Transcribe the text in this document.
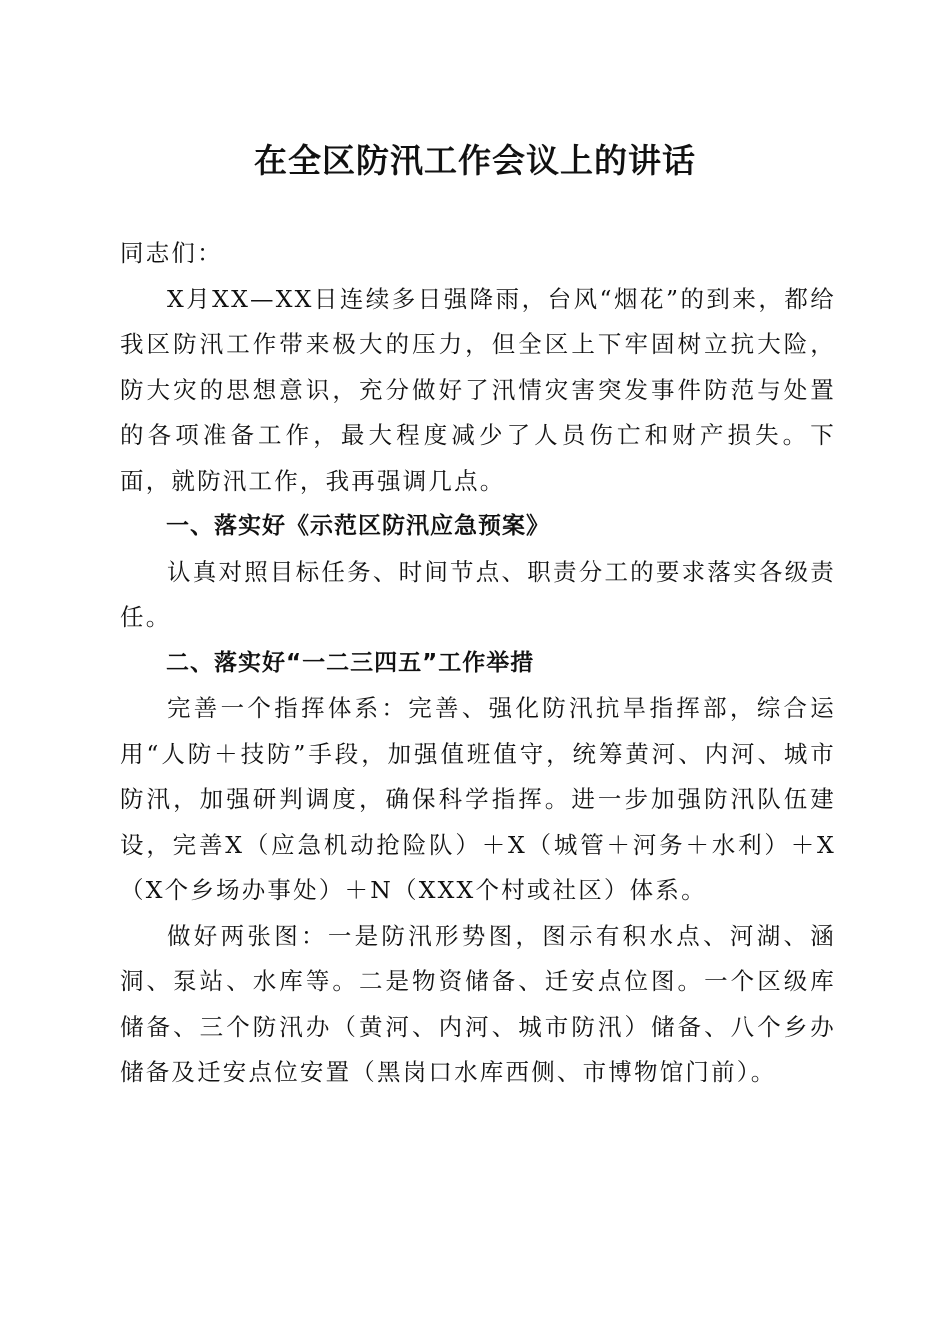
在全区防汛工作会议上的讲话

同志们：

X月XX—XX日连续多日强降雨，台风“烟花”的到来，都给我区防汛工作带来极大的压力，但全区上下牢固树立抗大险，防大灾的思想意识，充分做好了汛情灾害突发事件防范与处置的各项准备工作，最大程度减少了人员伤亡和财产损失。下面，就防汛工作，我再强调几点。

一、落实好《示范区防汛应急预案》

认真对照目标任务、时间节点、职责分工的要求落实各级责任。

二、落实好“一二三四五”工作举措

完善一个指挥体系：完善、强化防汛抗旱指挥部，综合运用“人防＋技防”手段，加强值班值守，统筹黄河、内河、城市防汛，加强研判调度，确保科学指挥。进一步加强防汛队伍建设，完善X（应急机动抢险队）＋X（城管＋河务＋水利）＋X（X个乡场办事处）＋N（XXX个村或社区）体系。

做好两张图：一是防汛形势图，图示有积水点、河湖、涵洞、泵站、水库等。二是物资储备、迁安点位图。一个区级库储备、三个防汛办（黄河、内河、城市防汛）储备、八个乡办储备及迁安点位安置（黑岗口水库西侧、市博物馆门前）。
